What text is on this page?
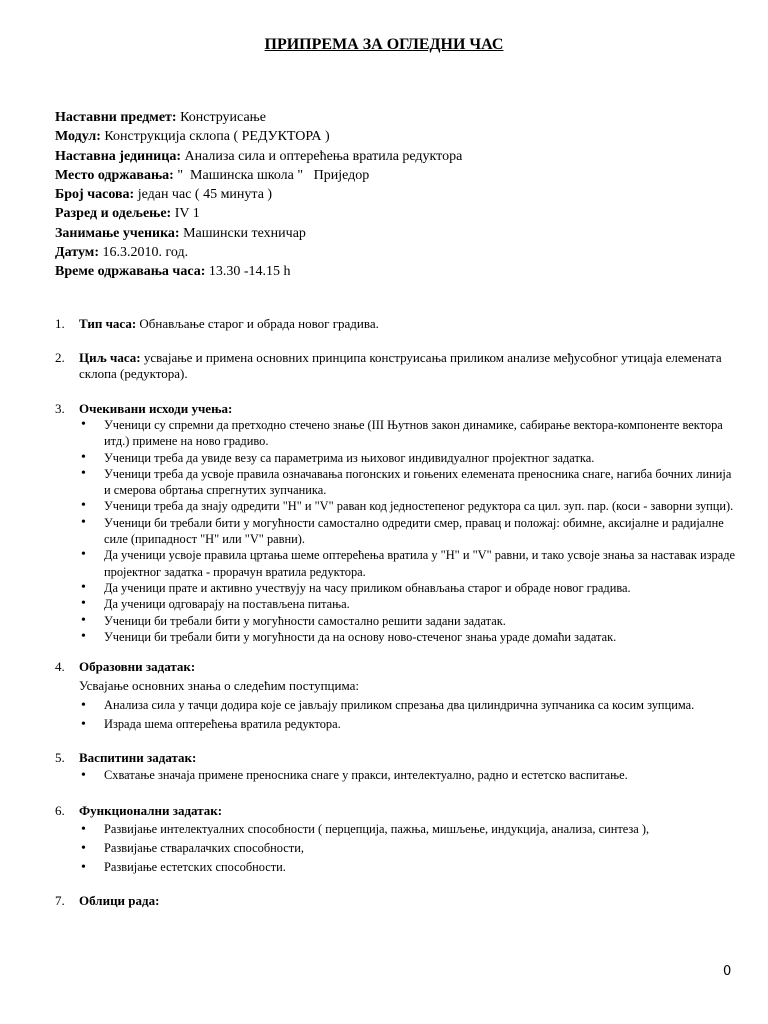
ПРИПРЕМА ЗА ОГЛЕДНИ ЧАС
Наставни предмет: Конструисање
Модул: Конструкција склопа ( РЕДУКТОРА )
Наставна јединица: Анализа сила и оптерећења вратила редуктора
Место одржавања: "  Машинска школа "   Приједор
Број часова: један час ( 45 минута )
Разред и одељење: IV 1
Занимање ученика: Машински техничар
Датум: 16.3.2010. год.
Време одржавања часа: 13.30 -14.15 h
1.	Тип часа: Обнављање старог и обрада новог градива.
2.	Циљ часа: усвајање и примена основних принципа конструисања приликом анализе међусобног утицаја елемената склопа (редуктора).
3.	Очекивани исходи учења:
• Ученици су спремни да претходно стечено знање (III Њутнов закон динамике, сабирање вектора-компоненте вектора итд.) примене на ново градиво.
• Ученици треба да увиде везу са параметрима из њиховог индивидуалног пројектног задатка.
• Ученици треба да усвоје правила означавања погонских и гоњених елемената преносника снаге, нагиба бочних линија и смерова обртања спрегнутих зупчаника.
• Ученици треба да знају одредити "H" и "V" раван код једностепеног редуктора са цил. зуп. пар. (коси - заворни зупци).
• Ученици би требали бити у могућности самостално одредити смер, правац и положај: обимне, аксијалне и радијалне силе (припадност "H" или "V" равни).
• Да ученици усвоје правила цртања шеме оптерећења вратила у "H" и "V" равни, и тако усвоје знања за наставак израде пројектног задатка - прорачун вратила редуктора.
• Да ученици прате и активно учествују на часу приликом обнављања старог и обраде новог градива.
• Да ученици одговарају на постављена питања.
• Ученици би требали бити у могућности самостално решити задани задатак.
• Ученици би требали бити у могућности да на основу ново-стеченог знања ураде домаћи задатак.
4.	Образовни задатак:
Усвајање основних знања о следећим поступцима:
• Анализа сила у тачци додира које се јављају приликом спрезања два цилиндрична зупчаника са косим зупцима.
• Израда шема оптерећења вратила редуктора.
5.	Васпитини задатак:
• Схватање значаја примене преносника снаге у пракси, интелектуално, радно и естетско васпитање.
6.	Функционални задатак:
• Развијање интелектуалних способности ( перцепција, пажња, мишљење, индукција, анализа, синтеза ),
• Развијање стваралачких способности,
• Развијање естетских способности.
7.	Облици рада:
0
